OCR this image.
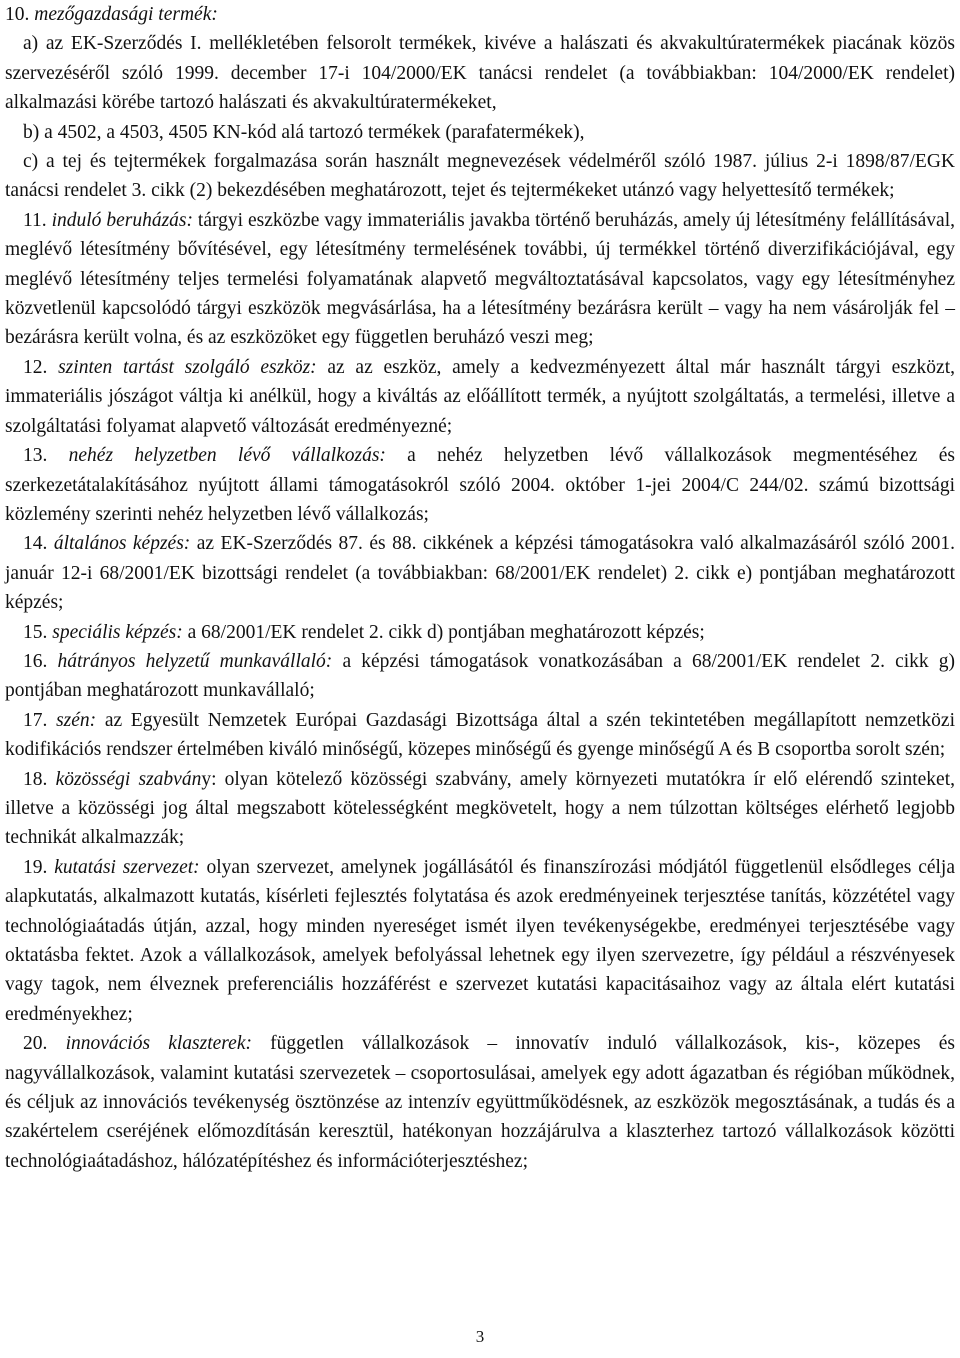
10. mezőgazdasági termék:

a) az EK-Szerződés I. mellékletében felsorolt termékek, kivéve a halászati és akvakultúratermékek piacának közös szervezéséről szóló 1999. december 17-i 104/2000/EK tanácsi rendelet (a továbbiakban: 104/2000/EK rendelet) alkalmazási körébe tartozó halászati és akvakultúratermékeket,

b) a 4502, a 4503, 4505 KN-kód alá tartozó termékek (parafatermékek),

c) a tej és tejtermékek forgalmazása során használt megnevezések védelméről szóló 1987. július 2-i 1898/87/EGK tanácsi rendelet 3. cikk (2) bekezdésében meghatározott, tejet és tejtermékeket utánzó vagy helyettesítő termékek;

11. induló beruházás: tárgyi eszközbe vagy immateriális javakba történő beruházás, amely új létesítmény felállításával, meglévő létesítmény bővítésével, egy létesítmény termelésének további, új termékkel történő diverzifikációjával, egy meglévő létesítmény teljes termelési folyamatának alapvető megváltoztatásával kapcsolatos, vagy egy létesítményhez közvetlenül kapcsolódó tárgyi eszközök megvásárlása, ha a létesítmény bezárásra került – vagy ha nem vásárolják fel – bezárásra került volna, és az eszközöket egy független beruházó veszi meg;

12. szinten tartást szolgáló eszköz: az az eszköz, amely a kedvezményezett által már használt tárgyi eszközt, immateriális jószágot váltja ki anélkül, hogy a kiváltás az előállított termék, a nyújtott szolgáltatás, a termelési, illetve a szolgáltatási folyamat alapvető változását eredményezné;

13. nehéz helyzetben lévő vállalkozás: a nehéz helyzetben lévő vállalkozások megmentéséhez és szerkezetátalakításához nyújtott állami támogatásokról szóló 2004. október 1-jei 2004/C 244/02. számú bizottsági közlemény szerinti nehéz helyzetben lévő vállalkozás;

14. általános képzés: az EK-Szerződés 87. és 88. cikkének a képzési támogatásokra való alkalmazásáról szóló 2001. január 12-i 68/2001/EK bizottsági rendelet (a továbbiakban: 68/2001/EK rendelet) 2. cikk e) pontjában meghatározott képzés;

15. speciális képzés: a 68/2001/EK rendelet 2. cikk d) pontjában meghatározott képzés;

16. hátrányos helyzetű munkavállaló: a képzési támogatások vonatkozásában a 68/2001/EK rendelet 2. cikk g) pontjában meghatározott munkavállaló;

17. szén: az Egyesült Nemzetek Európai Gazdasági Bizottsága által a szén tekintetében megállapított nemzetközi kodifikációs rendszer értelmében kiváló minőségű, közepes minőségű és gyenge minőségű A és B csoportba sorolt szén;

18. közösségi szabvány: olyan kötelező közösségi szabvány, amely környezeti mutatókra ír elő elérendő szinteket, illetve a közösségi jog által megszabott kötelességként megkövetelt, hogy a nem túlzottan költséges elérhető legjobb technikát alkalmazzák;

19. kutatási szervezet: olyan szervezet, amelynek jogállásától és finanszírozási módjától függetlenül elsődleges célja alapkutatás, alkalmazott kutatás, kísérleti fejlesztés folytatása és azok eredményeinek terjesztése tanítás, közzététel vagy technológiaátadás útján, azzal, hogy minden nyereséget ismét ilyen tevékenységekbe, eredményei terjesztésébe vagy oktatásba fektet. Azok a vállalkozások, amelyek befolyással lehetnek egy ilyen szervezetre, így például a részvényesek vagy tagok, nem élveznek preferenciális hozzáférést e szervezet kutatási kapacitásaihoz vagy az általa elért kutatási eredményekhez;

20. innovációs klaszterek: független vállalkozások – innovatív induló vállalkozások, kis-, közepes és nagyvállalkozások, valamint kutatási szervezetek – csoportosulásai, amelyek egy adott ágazatban és régióban működnek, és céljuk az innovációs tevékenység ösztönzése az intenzív együttműködésnek, az eszközök megosztásának, a tudás és a szakértelem cseréjének előmozdításán keresztül, hatékonyan hozzájárulva a klaszterhez tartozó vállalkozások közötti technológiaátadáshoz, hálózatépítéshez és információterjesztéshez;

3
